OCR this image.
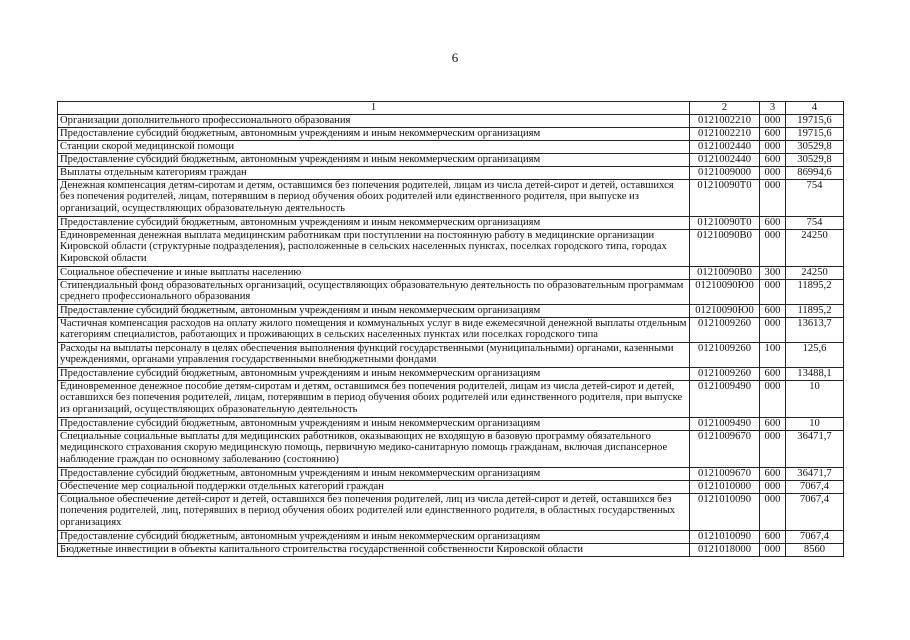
6
1	2	3	4
Организации дополнительного профессионального образования	0121002210	000	19715,6
Предоставление субсидий бюджетным, автономным учреждениям и иным некоммерческим организациям	0121002210	600	19715,6
Станции скорой медицинской помощи	0121002440	000	30529,8
Предоставление субсидий бюджетным, автономным учреждениям и иным некоммерческим организациям	0121002440	600	30529,8
Выплаты отдельным категориям граждан	0121009000	000	86994,6
Денежная компенсация детям-сиротам и детям, оставшимся без попечения родителей, лицам из числа детей-сирот и детей, оставшихся без попечения родителей, лицам, потерявшим в период обучения обоих родителей или единственного родителя, при выпуске из организаций, осуществляющих образовательную деятельность	01210090Т0	000	754
Предоставление субсидий бюджетным, автономным учреждениям и иным некоммерческим организациям	01210090Т0	600	754
Единовременная денежная выплата медицинским работникам при поступлении на постоянную работу в медицинские организации Кировской области (структурные подразделения), расположенные в сельских населенных пунктах, поселках городского типа, городах Кировской области	01210090В0	000	24250
Социальное обеспечение и иные выплаты населению	01210090В0	300	24250
Стипендиальный фонд образовательных организаций, осуществляющих образовательную деятельность по образовательным программам среднего профессионального образования	01210090Ю0	000	11895,2
Предоставление субсидий бюджетным, автономным учреждениям и иным некоммерческим организациям	01210090Ю0	600	11895,2
Частичная компенсация расходов на оплату жилого помещения и коммунальных услуг в виде ежемесячной денежной выплаты отдельным категориям специалистов, работающих и проживающих в сельских населенных пунктах или поселках городского типа	0121009260	000	13613,7
Расходы на выплаты персоналу в целях обеспечения выполнения функций государственными (муниципальными) органами, казенными учреждениями, органами управления государственными внебюджетными фондами	0121009260	100	125,6
Предоставление субсидий бюджетным, автономным учреждениям и иным некоммерческим организациям	0121009260	600	13488,1
Единовременное денежное пособие детям-сиротам и детям, оставшимся без попечения родителей, лицам из числа детей-сирот и детей, оставшихся без попечения родителей, лицам, потерявшим в период обучения обоих родителей или единственного родителя, при выпуске из организаций, осуществляющих образовательную деятельность	0121009490	000	10
Предоставление субсидий бюджетным, автономным учреждениям и иным некоммерческим организациям	0121009490	600	10
Специальные социальные выплаты для медицинских работников, оказывающих не входящую в базовую программу обязательного медицинского страхования скорую медицинскую помощь, первичную медико-санитарную помощь гражданам, включая диспансерное наблюдение граждан по основному заболеванию (состоянию)	0121009670	000	36471,7
Предоставление субсидий бюджетным, автономным учреждениям и иным некоммерческим организациям	0121009670	600	36471,7
Обеспечение мер социальной поддержки отдельных категорий граждан	0121010000	000	7067,4
Социальное обеспечение детей-сирот и детей, оставшихся без попечения родителей, лиц из числа детей-сирот и детей, оставшихся без попечения родителей, лиц, потерявших в период обучения обоих родителей или единственного родителя, в областных государственных организациях	0121010090	000	7067,4
Предоставление субсидий бюджетным, автономным учреждениям и иным некоммерческим организациям	0121010090	600	7067,4
Бюджетные инвестиции в объекты капитального строительства государственной собственности Кировской области	0121018000	000	8560
